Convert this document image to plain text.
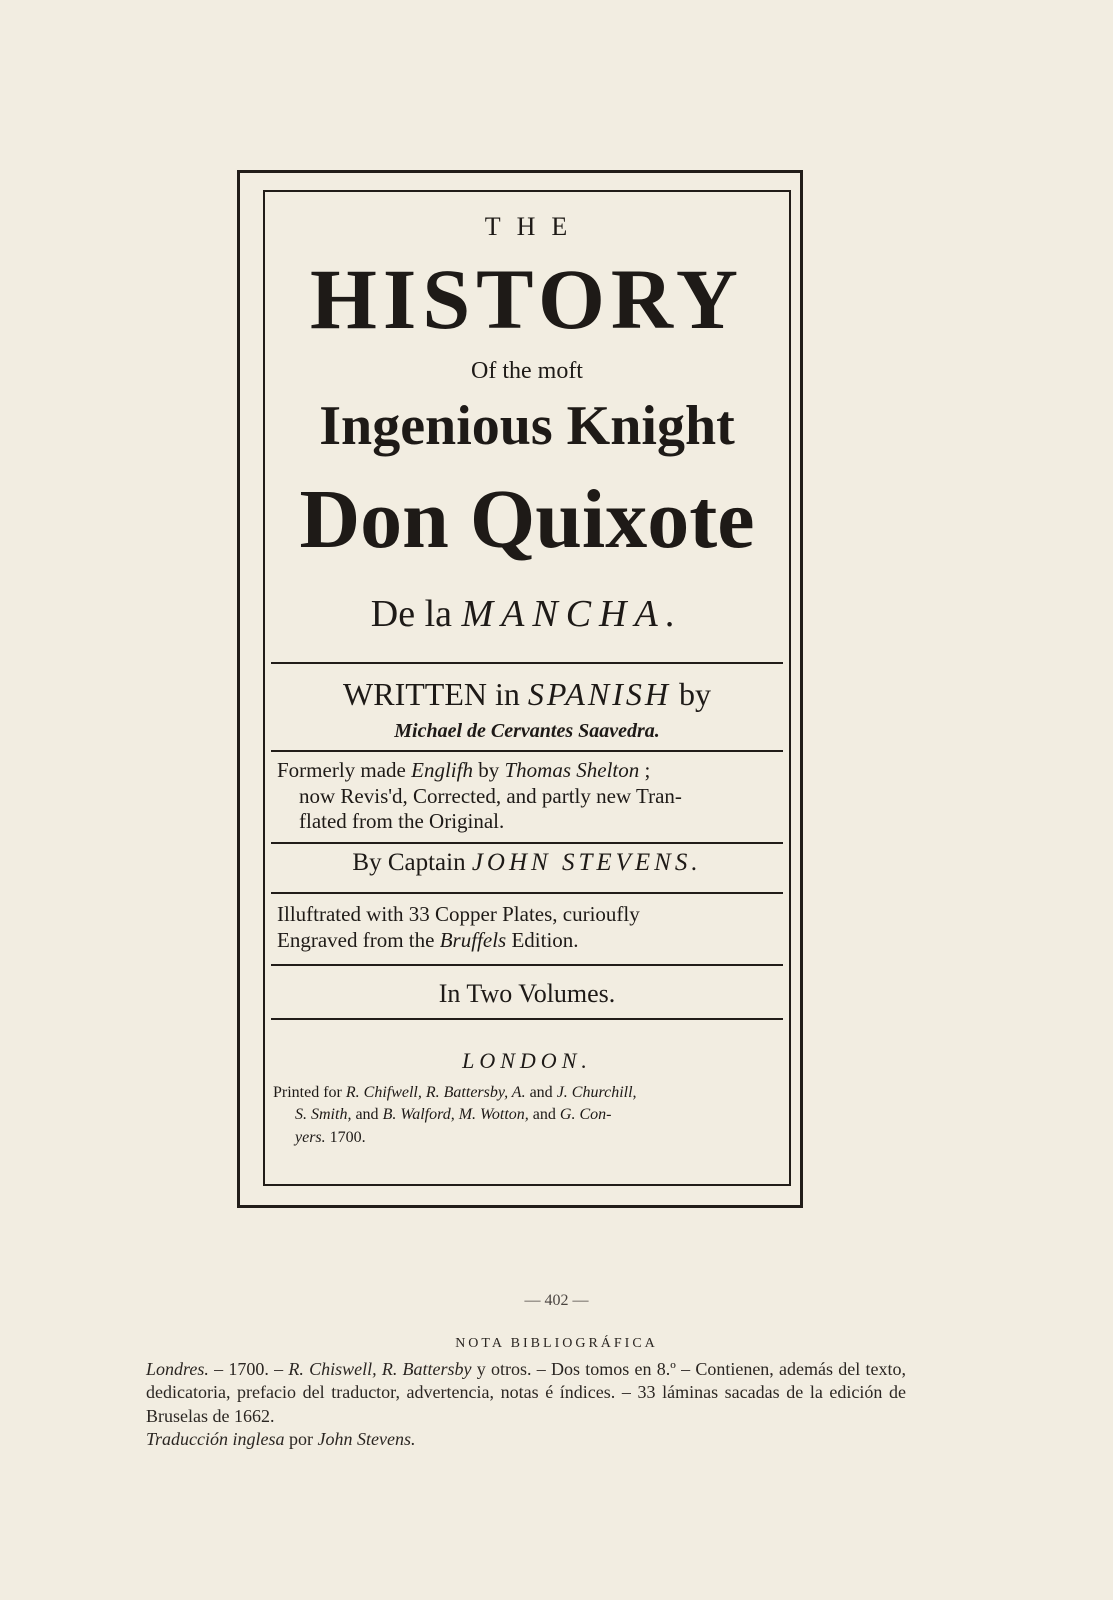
THE
HISTORY
Of the moft
Ingenious Knight
Don Quixote
De la MANCHA.
WRITTEN in SPANISH by
Michael de Cervantes Saavedra.
Formerly made Englifh by Thomas Shelton ;
now Revis'd, Corrected, and partly new Tran-
flated from the Original.
By Captain JOHN STEVENS.
Illuftrated with 33 Copper Plates, curioufly
Engraved from the Bruffels Edition.
In Two Volumes.
LONDON.
Printed for R. Chifwell, R. Battersby, A. and J. Churchill,
S. Smith, and B. Walford, M. Wotton, and G. Con-
yers. 1700.
— 402 —
NOTA BIBLIOGRÁFICA
Londres. – 1700. – R. Chiswell, R. Battersby y otros. – Dos tomos en 8.º – Contienen, además del texto, dedicatoria, prefacio del traductor, advertencia, notas é índices. – 33 láminas sacadas de la edición de Bruselas de 1662.
Traducción inglesa por John Stevens.
